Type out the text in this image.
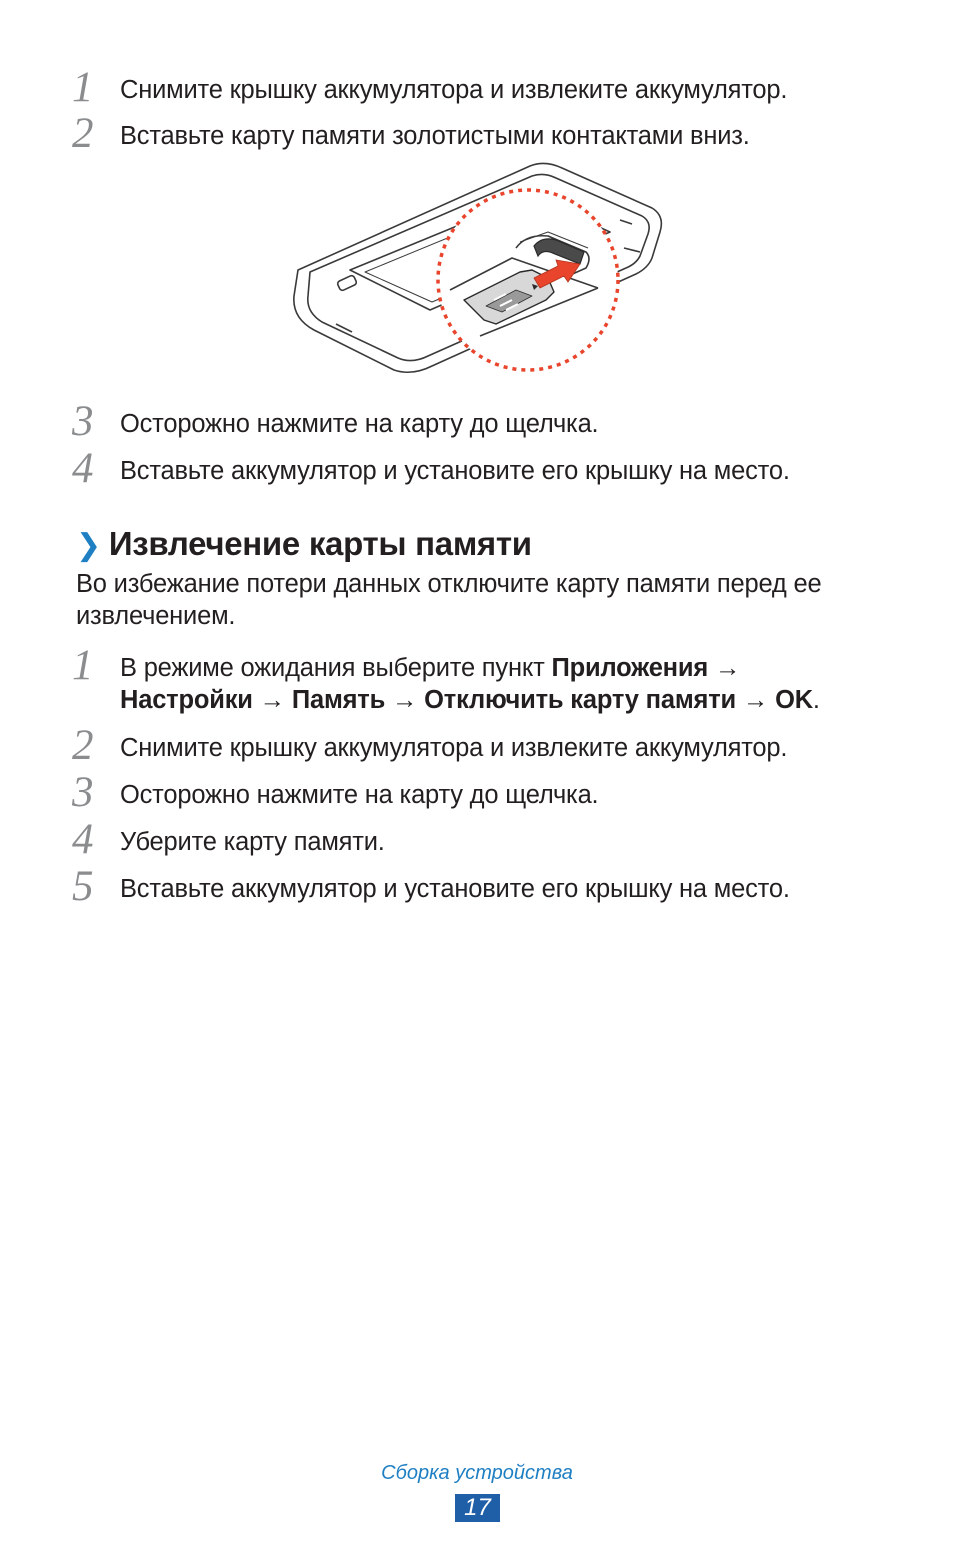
1	Снимите крышку аккумулятора и извлеките аккумулятор.
2	Вставьте карту памяти золотистыми контактами вниз.
3	Осторожно нажмите на карту до щелчка.
4	Вставьте аккумулятор и установите его крышку на место.
❯ Извлечение карты памяти
Во избежание потери данных отключите карту памяти перед ее извлечением.
1	В режиме ожидания выберите пункт Приложения →
Настройки → Память → Отключить карту памяти → OK.
2	Снимите крышку аккумулятора и извлеките аккумулятор.
3	Осторожно нажмите на карту до щелчка.
4	Уберите карту памяти.
5	Вставьте аккумулятор и установите его крышку на место.
Сборка устройства
17
